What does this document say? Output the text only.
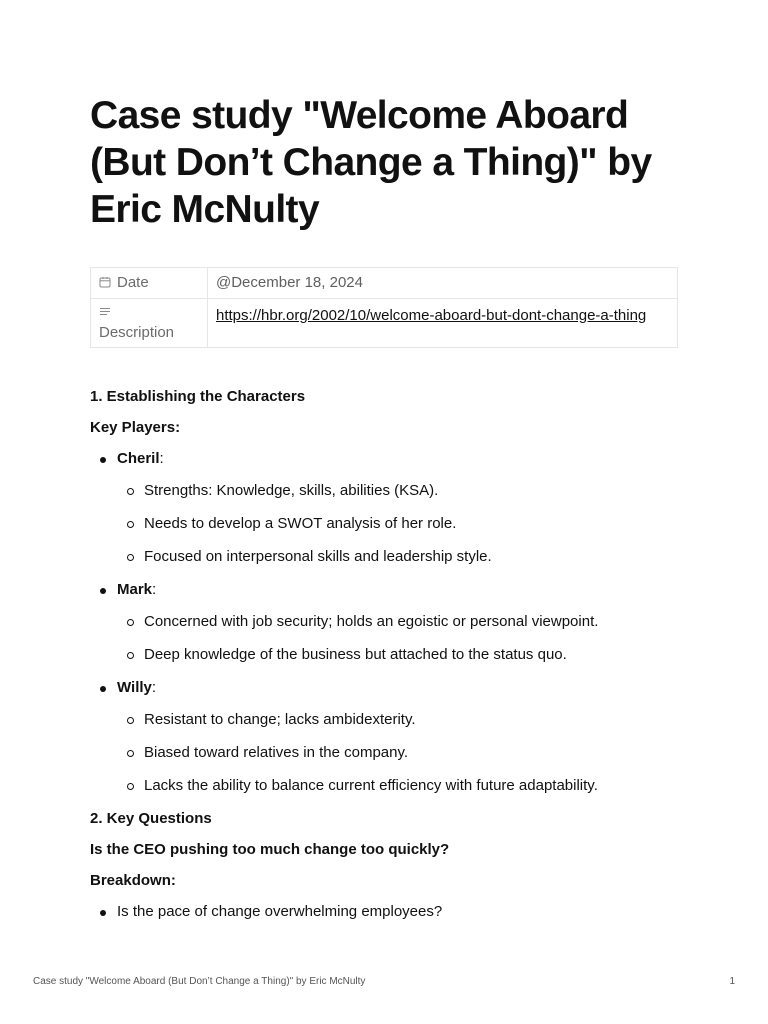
Case study "Welcome Aboard (But Don’t Change a Thing)" by Eric McNulty
Date	@December 18, 2024

Description	https://hbr.org/2002/10/welcome-aboard-but-dont-change-a-thing

1. Establishing the Characters

Key Players:

Cheril:
Strengths: Knowledge, skills, abilities (KSA).
Needs to develop a SWOT analysis of her role.
Focused on interpersonal skills and leadership style.
Mark:
Concerned with job security; holds an egoistic or personal viewpoint.
Deep knowledge of the business but attached to the status quo.
Willy:
Resistant to change; lacks ambidexterity.
Biased toward relatives in the company.
Lacks the ability to balance current efficiency with future adaptability.

2. Key Questions

Is the CEO pushing too much change too quickly?

Breakdown:

Is the pace of change overwhelming employees?
Case study "Welcome Aboard (But Don’t Change a Thing)" by Eric McNulty	1
